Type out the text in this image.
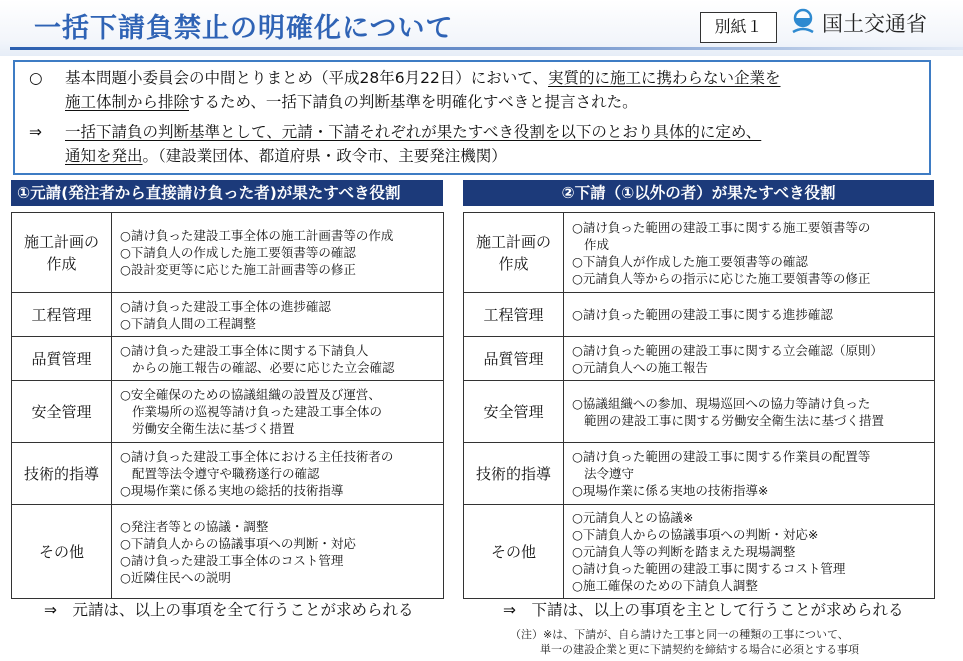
一括下請負禁止の明確化について	別紙１	国土交通省
○ 基本問題小委員会の中間とりまとめ（平成28年6月22日）において、実質的に施工に携わらない企業を
施工体制から排除するため、一括下請負の判断基準を明確化すべきと提言された。
⇒ 一括下請負の判断基準として、元請・下請それぞれが果たすべき役割を以下のとおり具体的に定め、
通知を発出。（建設業団体、都道府県・政令市、主要発注機関）
①元請(発注者から直接請け負った者)が果たすべき役割	②下請（①以外の者）が果たすべき役割
施工計画の
作成	○請け負った建設工事全体の施工計画書等の作成
○下請負人の作成した施工要領書等の確認
○設計変更等に応じた施工計画書等の修正

工程管理	○請け負った建設工事全体の進捗確認
○下請負人間の工程調整

品質管理	○請け負った建設工事全体に関する下請負人
からの施工報告の確認、必要に応じた立会確認

安全管理	○安全確保のための協議組織の設置及び運営、
作業場所の巡視等請け負った建設工事全体の
労働安全衛生法に基づく措置

技術的指導	○請け負った建設工事全体における主任技術者の
配置等法令遵守や職務遂行の確認
○現場作業に係る実地の総括的技術指導

その他	○発注者等との協議・調整
○下請負人からの協議事項への判断・対応
○請け負った建設工事全体のコスト管理
○近隣住民への説明
施工計画の
作成	○請け負った範囲の建設工事に関する施工要領書等の
作成
○下請負人が作成した施工要領書等の確認
○元請負人等からの指示に応じた施工要領書等の修正

工程管理	○請け負った範囲の建設工事に関する進捗確認

品質管理	○請け負った範囲の建設工事に関する立会確認（原則）
○元請負人への施工報告

安全管理	○協議組織への参加、現場巡回への協力等請け負った
範囲の建設工事に関する労働安全衛生法に基づく措置

技術的指導	○請け負った範囲の建設工事に関する作業員の配置等
法令遵守
○現場作業に係る実地の技術指導※

その他	○元請負人との協議※
○下請負人からの協議事項への判断・対応※
○元請負人等の判断を踏まえた現場調整
○請け負った範囲の建設工事に関するコスト管理
○施工確保のための下請負人調整
⇒　元請は、以上の事項を全て行うことが求められる	⇒　下請は、以上の事項を主として行うことが求められる
（注）※は、下請が、自ら請けた工事と同一の種類の工事について、
単一の建設企業と更に下請契約を締結する場合に必須とする事項
